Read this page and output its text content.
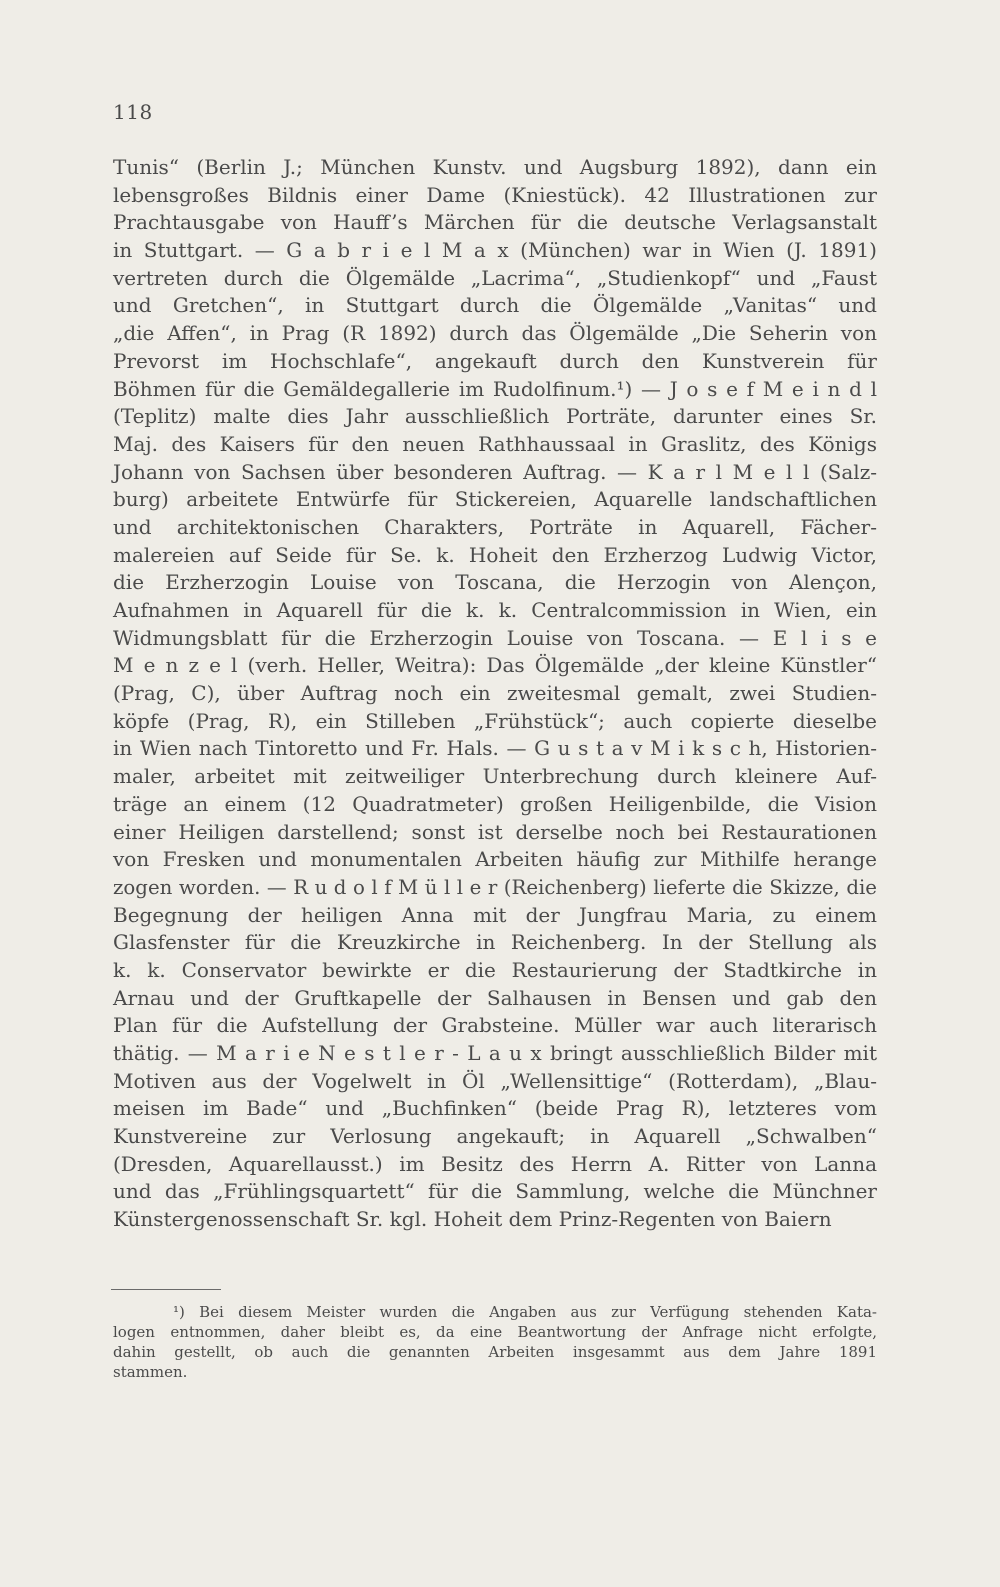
118
Tunis“ (Berlin J.; München Kunstv. und Augsburg 1892), dann ein
lebensgroßes Bildnis einer Dame (Kniestück). 42 Illustrationen zur
Prachtausgabe von Hauff’s Märchen für die deutsche Verlagsanstalt
in Stuttgart. — G a b r i e l M a x (München) war in Wien (J. 1891)
vertreten durch die Ölgemälde „Lacrima“, „Studienkopf“ und „Faust
und Gretchen“, in Stuttgart durch die Ölgemälde „Vanitas“ und
„die Affen“, in Prag (R 1892) durch das Ölgemälde „Die Seherin von
Prevorst im Hochschlafe“, angekauft durch den Kunstverein für
Böhmen für die Gemäldegallerie im Rudolfinum.¹) — J o s e f M e i n d l
(Teplitz) malte dies Jahr ausschließlich Porträte, darunter eines Sr.
Maj. des Kaisers für den neuen Rathhaussaal in Graslitz, des Königs
Johann von Sachsen über besonderen Auftrag. — K a r l M e l l (Salz-
burg) arbeitete Entwürfe für Stickereien, Aquarelle landschaftlichen
und architektonischen Charakters, Porträte in Aquarell, Fächer-
malereien auf Seide für Se. k. Hoheit den Erzherzog Ludwig Victor,
die Erzherzogin Louise von Toscana, die Herzogin von Alençon,
Aufnahmen in Aquarell für die k. k. Centralcommission in Wien, ein
Widmungsblatt für die Erzherzogin Louise von Toscana. — E l i s e
M e n z e l (verh. Heller, Weitra): Das Ölgemälde „der kleine Künstler“
(Prag, C), über Auftrag noch ein zweitesmal gemalt, zwei Studien-
köpfe (Prag, R), ein Stilleben „Frühstück“; auch copierte dieselbe
in Wien nach Tintoretto und Fr. Hals. — G u s t a v M i k s c h, Historien-
maler, arbeitet mit zeitweiliger Unterbrechung durch kleinere Auf-
träge an einem (12 Quadratmeter) großen Heiligenbilde, die Vision
einer Heiligen darstellend; sonst ist derselbe noch bei Restaurationen
von Fresken und monumentalen Arbeiten häufig zur Mithilfe herange
zogen worden. — R u d o l f M ü l l e r (Reichenberg) lieferte die Skizze, die
Begegnung der heiligen Anna mit der Jungfrau Maria, zu einem
Glasfenster für die Kreuzkirche in Reichenberg. In der Stellung als
k. k. Conservator bewirkte er die Restaurierung der Stadtkirche in
Arnau und der Gruftkapelle der Salhausen in Bensen und gab den
Plan für die Aufstellung der Grabsteine. Müller war auch literarisch
thätig. — M a r i e N e s t l e r - L a u x bringt ausschließlich Bilder mit
Motiven aus der Vogelwelt in Öl „Wellensittige“ (Rotterdam), „Blau-
meisen im Bade“ und „Buchfinken“ (beide Prag R), letzteres vom
Kunstvereine zur Verlosung angekauft; in Aquarell „Schwalben“
(Dresden, Aquarellausst.) im Besitz des Herrn A. Ritter von Lanna
und das „Frühlingsquartett“ für die Sammlung, welche die Münchner
Künstergenossenschaft Sr. kgl. Hoheit dem Prinz-Regenten von Baiern
¹) Bei diesem Meister wurden die Angaben aus zur Verfügung stehenden Kata-
logen entnommen, daher bleibt es, da eine Beantwortung der Anfrage nicht erfolgte,
dahin gestellt, ob auch die genannten Arbeiten insgesammt aus dem Jahre 1891
stammen.
